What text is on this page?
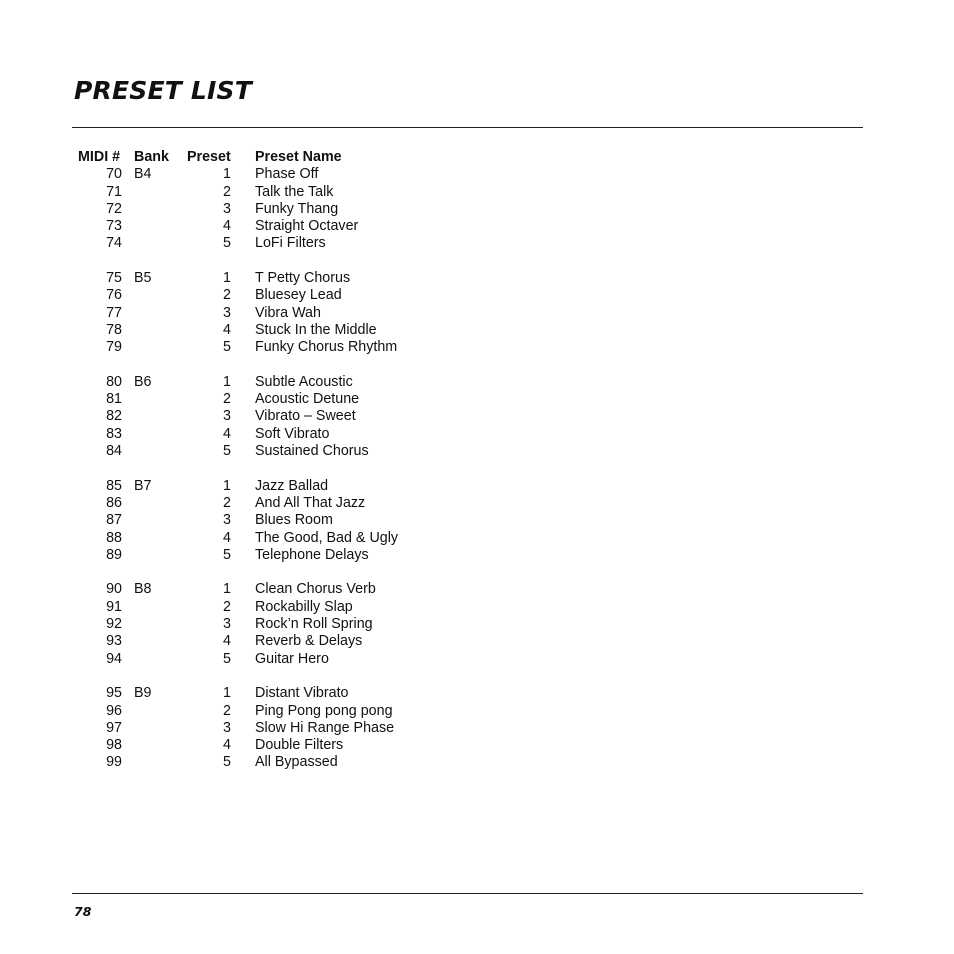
PRESET LIST
MIDI # Bank	Preset Preset Name
70 B4	1 Phase Off
71	2 Talk the Talk
72	3 Funky Thang
73	4 Straight Octaver
74	5 LoFi Filters
75 B5	1 T Petty Chorus
76	2 Bluesey Lead
77	3 Vibra Wah
78	4 Stuck In the Middle
79	5 Funky Chorus Rhythm
80 B6	1 Subtle Acoustic
81	2 Acoustic Detune
82	3 Vibrato – Sweet
83	4 Soft Vibrato
84	5 Sustained Chorus
85 B7	1 Jazz Ballad
86	2 And All That Jazz
87	3 Blues Room
88	4 The Good, Bad & Ugly
89	5 Telephone Delays
90 B8	1 Clean Chorus Verb
91	2 Rockabilly Slap
92	3 Rock’n Roll Spring
93	4 Reverb & Delays
94	5 Guitar Hero
95 B9	1 Distant Vibrato
96	2 Ping Pong pong pong
97	3 Slow Hi Range Phase
98	4 Double Filters
99	5 All Bypassed
78
